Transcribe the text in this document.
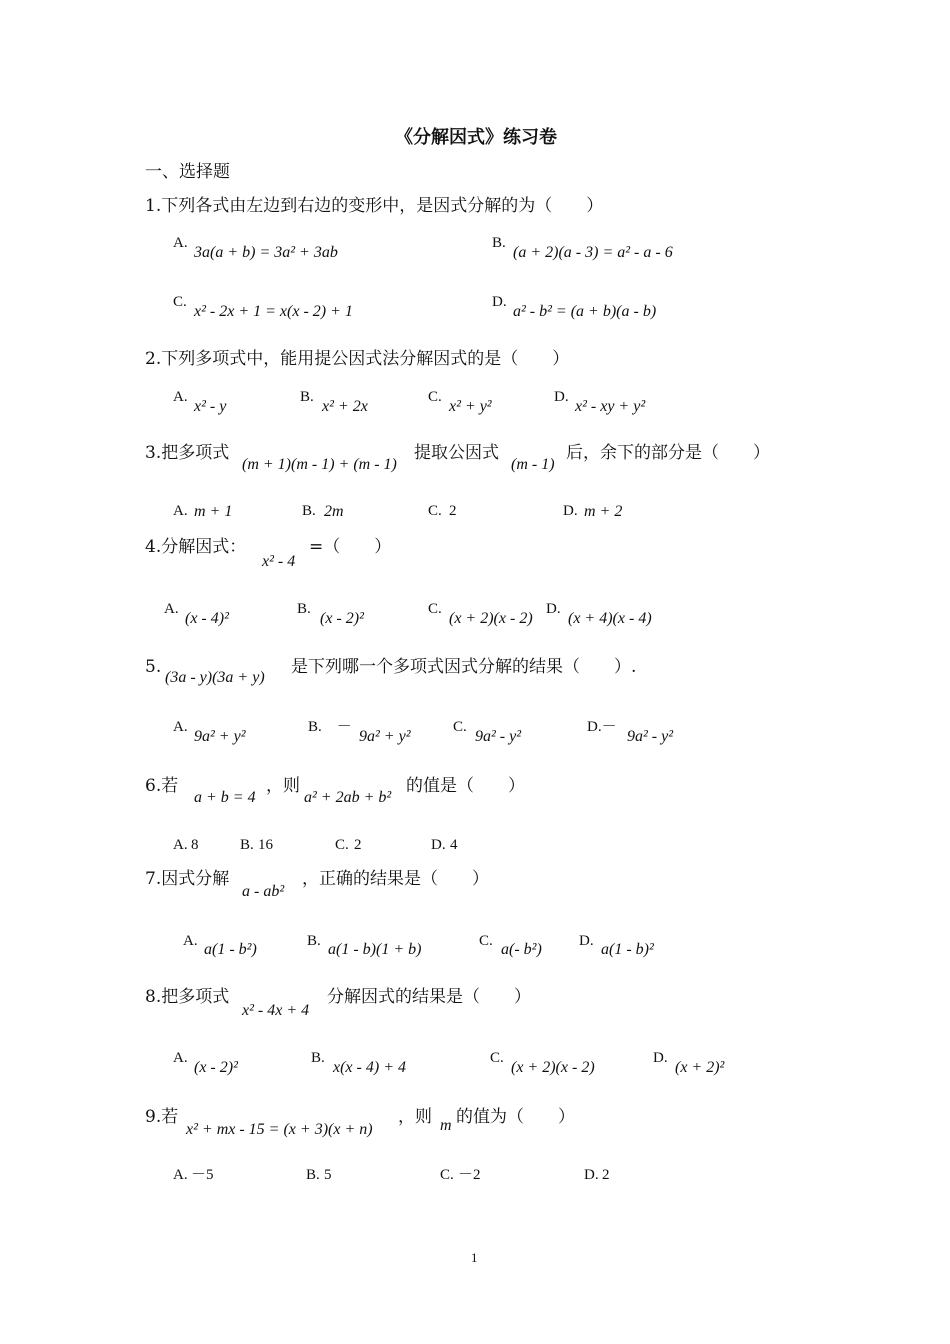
《分解因式》练习卷
一、选择题
1.下列各式由左边到右边的变形中，是因式分解的为（　　）
A.
3a(a + b) = 3a² + 3ab
B.
(a + 2)(a - 3) = a² - a - 6
C.
x² - 2x + 1 = x(x - 2) + 1
D.
a² - b² = (a + b)(a - b)
2.下列多项式中，能用提公因式法分解因式的是（　　）
A.
x² - y
B.
x² + 2x
C.
x² + y²
D.
x² - xy + y²
3.把多项式
(m + 1)(m - 1) + (m - 1)
提取公因式
(m - 1)
后，余下的部分是（　　）
A. m + 1	B. 2m	C. 2	D. m + 2
4.分解因式：
x² - 4
=（　　）
A.
(x - 4)²
B.
(x - 2)²
C.
(x + 2)(x - 2)
D.
(x + 4)(x - 4)
5.
(3a - y)(3a + y)
是下列哪一个多项式因式分解的结果（　　）.
A.
9a² + y²
B.　－
9a² + y²
C.
9a² - y²
D.－
9a² - y²
6.若
a + b = 4
，则
a² + 2ab + b²
的值是（　　）
A. 8	B. 16	C. 2	D. 4
7.因式分解
a - ab²
，正确的结果是（　　）
A. a(1 - b²)	B. a(1 - b)(1 + b)	C. a(- b²) D. a(1 - b)²
8.把多项式
x² - 4x + 4
分解因式的结果是（　　）
A.
(x - 2)²
B.
x(x - 4) + 4
C.
(x + 2)(x - 2)
D.
(x + 2)²
9.若
x² + mx - 15 = (x + 3)(x + n)
，则 m 的值为（　　）
A. －5	B. 5	C. －2	D. 2
1
